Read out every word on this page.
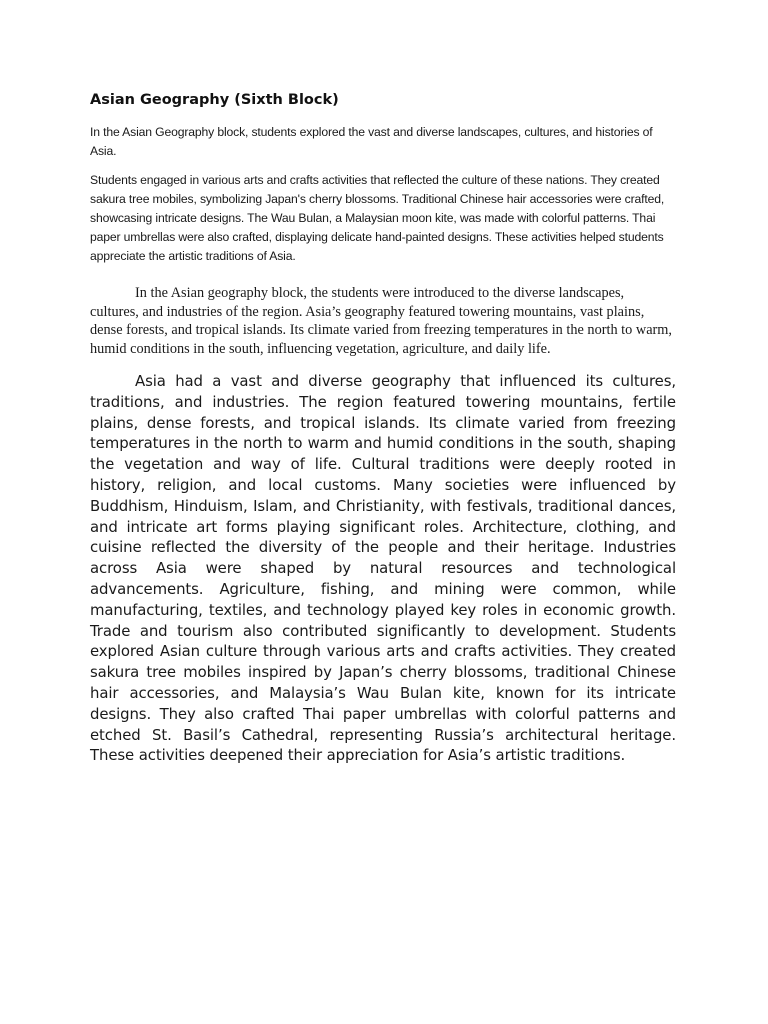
Asian Geography (Sixth Block)

In the Asian Geography block, students explored the vast and diverse landscapes, cultures, and histories of Asia.

Students engaged in various arts and crafts activities that reflected the culture of these nations. They created sakura tree mobiles, symbolizing Japan's cherry blossoms. Traditional Chinese hair accessories were crafted, showcasing intricate designs. The Wau Bulan, a Malaysian moon kite, was made with colorful patterns. Thai paper umbrellas were also crafted, displaying delicate hand-painted designs. These activities helped students appreciate the artistic traditions of Asia.

In the Asian geography block, the students were introduced to the diverse landscapes, cultures, and industries of the region. Asia’s geography featured towering mountains, vast plains, dense forests, and tropical islands. Its climate varied from freezing temperatures in the north to warm, humid conditions in the south, influencing vegetation, agriculture, and daily life.

Asia had a vast and diverse geography that influenced its cultures, traditions, and industries. The region featured towering mountains, fertile plains, dense forests, and tropical islands. Its climate varied from freezing temperatures in the north to warm and humid conditions in the south, shaping the vegetation and way of life. Cultural traditions were deeply rooted in history, religion, and local customs. Many societies were influenced by Buddhism, Hinduism, Islam, and Christianity, with festivals, traditional dances, and intricate art forms playing significant roles. Architecture, clothing, and cuisine reflected the diversity of the people and their heritage. Industries across Asia were shaped by natural resources and technological advancements. Agriculture, fishing, and mining were common, while manufacturing, textiles, and technology played key roles in economic growth. Trade and tourism also contributed significantly to development. Students explored Asian culture through various arts and crafts activities. They created sakura tree mobiles inspired by Japan’s cherry blossoms, traditional Chinese hair accessories, and Malaysia’s Wau Bulan kite, known for its intricate designs. They also crafted Thai paper umbrellas with colorful patterns and etched St. Basil’s Cathedral, representing Russia’s architectural heritage. These activities deepened their appreciation for Asia’s artistic traditions.
